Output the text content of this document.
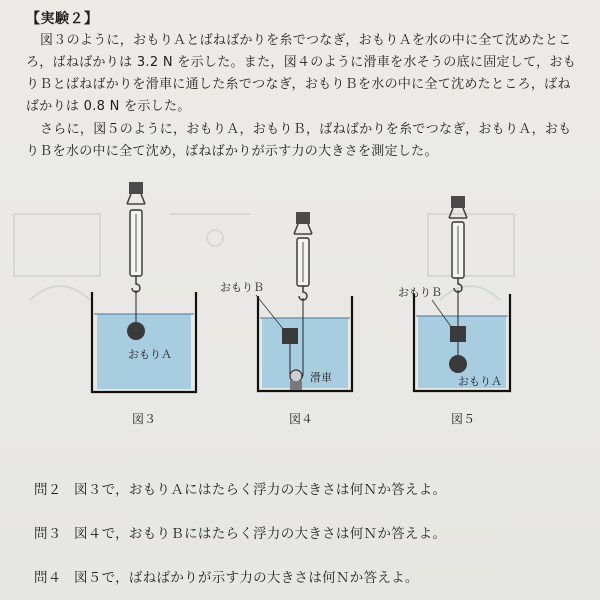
【実験２】
図３のように，おもりＡとばねばかりを糸でつなぎ，おもりＡを水の中に全て沈めたとこ
ろ，ばねばかりは 3.2 N を示した。また，図４のように滑車を水そうの底に固定して，おも
りＢとばねばかりを滑車に通した糸でつなぎ，おもりＢを水の中に全て沈めたところ，ばね
ばかりは 0.8 N を示した。
さらに，図５のように，おもりＡ，おもりＢ，ばねばかりを糸でつなぎ，おもりＡ，おも
りＢを水の中に全て沈め，ばねばかりが示す力の大きさを測定した。
おもりＡ
おもりＢ
滑車
おもりＢ
おもりＡ
図３	図４	図５
問２ 図３で，おもりＡにはたらく浮力の大きさは何Ｎか答えよ。
問３ 図４で，おもりＢにはたらく浮力の大きさは何Ｎか答えよ。
問４ 図５で，ばねばかりが示す力の大きさは何Ｎか答えよ。
